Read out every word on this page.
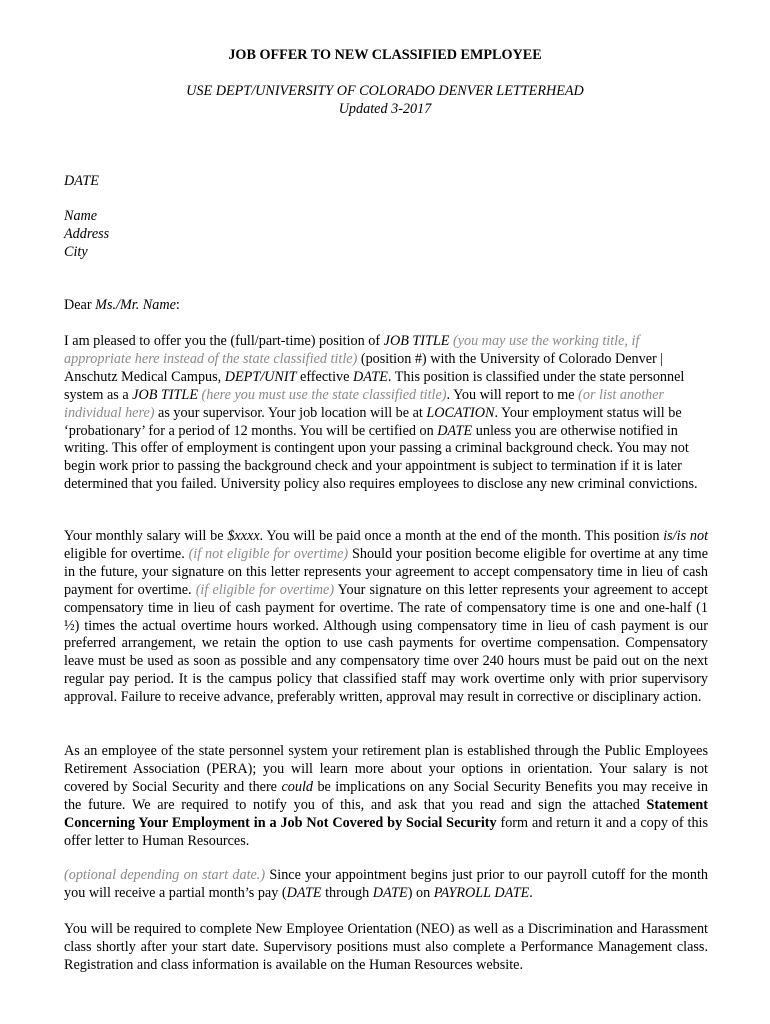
JOB OFFER TO NEW CLASSIFIED EMPLOYEE
USE DEPT/UNIVERSITY OF COLORADO DENVER LETTERHEAD
Updated 3-2017
DATE
Name
Address
City
Dear Ms./Mr. Name:

I am pleased to offer you the (full/part-time) position of JOB TITLE (you may use the working title, if appropriate here instead of the state classified title) (position #) with the University of Colorado Denver | Anschutz Medical Campus, DEPT/UNIT effective DATE. This position is classified under the state personnel system as a JOB TITLE (here you must use the state classified title). You will report to me (or list another individual here) as your supervisor. Your job location will be at LOCATION. Your employment status will be ‘probationary’ for a period of 12 months. You will be certified on DATE unless you are otherwise notified in writing. This offer of employment is contingent upon your passing a criminal background check. You may not begin work prior to passing the background check and your appointment is subject to termination if it is later determined that you failed. University policy also requires employees to disclose any new criminal convictions.

Your monthly salary will be $xxxx. You will be paid once a month at the end of the month. This position is/is not eligible for overtime. (if not eligible for overtime) Should your position become eligible for overtime at any time in the future, your signature on this letter represents your agreement to accept compensatory time in lieu of cash payment for overtime. (if eligible for overtime) Your signature on this letter represents your agreement to accept compensatory time in lieu of cash payment for overtime. The rate of compensatory time is one and one-half (1 ½) times the actual overtime hours worked. Although using compensatory time in lieu of cash payment is our preferred arrangement, we retain the option to use cash payments for overtime compensation. Compensatory leave must be used as soon as possible and any compensatory time over 240 hours must be paid out on the next regular pay period. It is the campus policy that classified staff may work overtime only with prior supervisory approval. Failure to receive advance, preferably written, approval may result in corrective or disciplinary action.

As an employee of the state personnel system your retirement plan is established through the Public Employees Retirement Association (PERA); you will learn more about your options in orientation. Your salary is not covered by Social Security and there could be implications on any Social Security Benefits you may receive in the future. We are required to notify you of this, and ask that you read and sign the attached Statement Concerning Your Employment in a Job Not Covered by Social Security form and return it and a copy of this offer letter to Human Resources.

(optional depending on start date.) Since your appointment begins just prior to our payroll cutoff for the month you will receive a partial month’s pay (DATE through DATE) on PAYROLL DATE.

You will be required to complete New Employee Orientation (NEO) as well as a Discrimination and Harassment class shortly after your start date. Supervisory positions must also complete a Performance Management class. Registration and class information is available on the Human Resources website.
